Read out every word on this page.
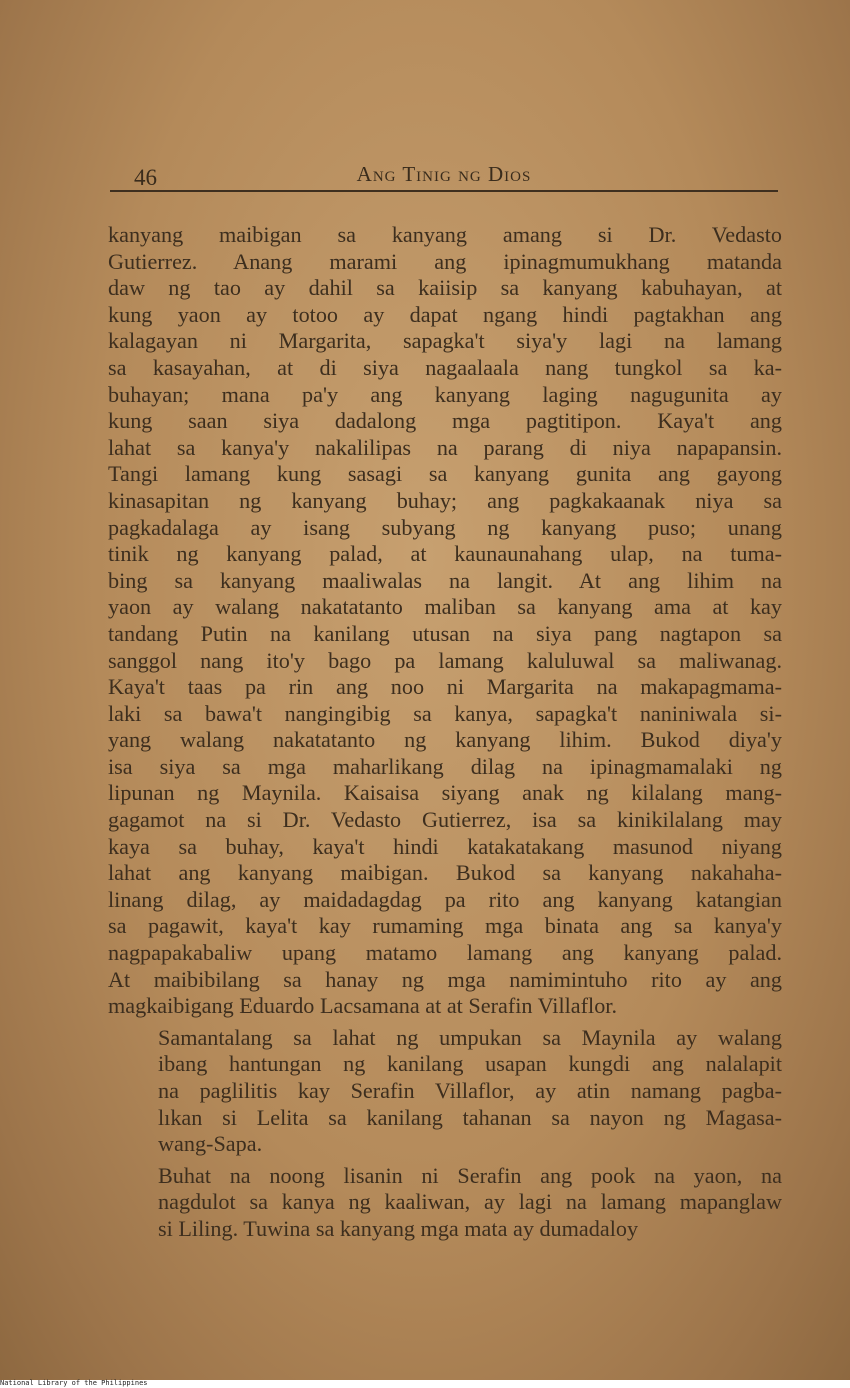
46	Ang Tinig ng Dios
kanyang maibigan sa kanyang amang si Dr. Vedasto
Gutierrez. Anang marami ang ipinagmumukhang matanda
daw ng tao ay dahil sa kaiisip sa kanyang kabuhayan, at
kung yaon ay totoo ay dapat ngang hindi pagtakhan ang
kalagayan ni Margarita, sapagka't siya'y lagi na lamang
sa kasayahan, at di siya nagaalaala nang tungkol sa ka-
buhayan; mana pa'y ang kanyang laging nagugunita ay
kung saan siya dadalong mga pagtitipon. Kaya't ang
lahat sa kanya'y nakalilipas na parang di niya napapansin.
Tangi lamang kung sasagi sa kanyang gunita ang gayong
kinasapitan ng kanyang buhay; ang pagkakaanak niya sa
pagkadalaga ay isang subyang ng kanyang puso; unang
tinik ng kanyang palad, at kaunaunahang ulap, na tuma-
bing sa kanyang maaliwalas na langit. At ang lihim na
yaon ay walang nakatatanto maliban sa kanyang ama at kay
tandang Putin na kanilang utusan na siya pang nagtapon sa
sanggol nang ito'y bago pa lamang kaluluwal sa maliwanag.
Kaya't taas pa rin ang noo ni Margarita na makapagmama-
laki sa bawa't nangingibig sa kanya, sapagka't naniniwala si-
yang walang nakatatanto ng kanyang lihim. Bukod diya'y
isa siya sa mga maharlikang dilag na ipinagmamalaki ng
lipunan ng Maynila. Kaisaisa siyang anak ng kilalang mang-
gagamot na si Dr. Vedasto Gutierrez, isa sa kinikilalang may
kaya sa buhay, kaya't hindi katakatakang masunod niyang
lahat ang kanyang maibigan. Bukod sa kanyang nakahaha-
linang dilag, ay maidadagdag pa rito ang kanyang katangian
sa pagawit, kaya't kay rumaming mga binata ang sa kanya'y
nagpapakabaliw upang matamo lamang ang kanyang palad.
At maibibilang sa hanay ng mga namimintuho rito ay ang
magkaibigang Eduardo Lacsamana at at Serafin Villaflor.
Samantalang sa lahat ng umpukan sa Maynila ay walang
ibang hantungan ng kanilang usapan kungdi ang nalalapit
na paglilitis kay Serafin Villaflor, ay atin namang pagba-
lıkan si Lelita sa kanilang tahanan sa nayon ng Magasa-
wang-Sapa.
Buhat na noong lisanin ni Serafin ang pook na yaon, na
nagdulot sa kanya ng kaaliwan, ay lagi na lamang mapanglaw
si Liling. Tuwina sa kanyang mga mata ay dumadaloy
National Library of the Philippines
